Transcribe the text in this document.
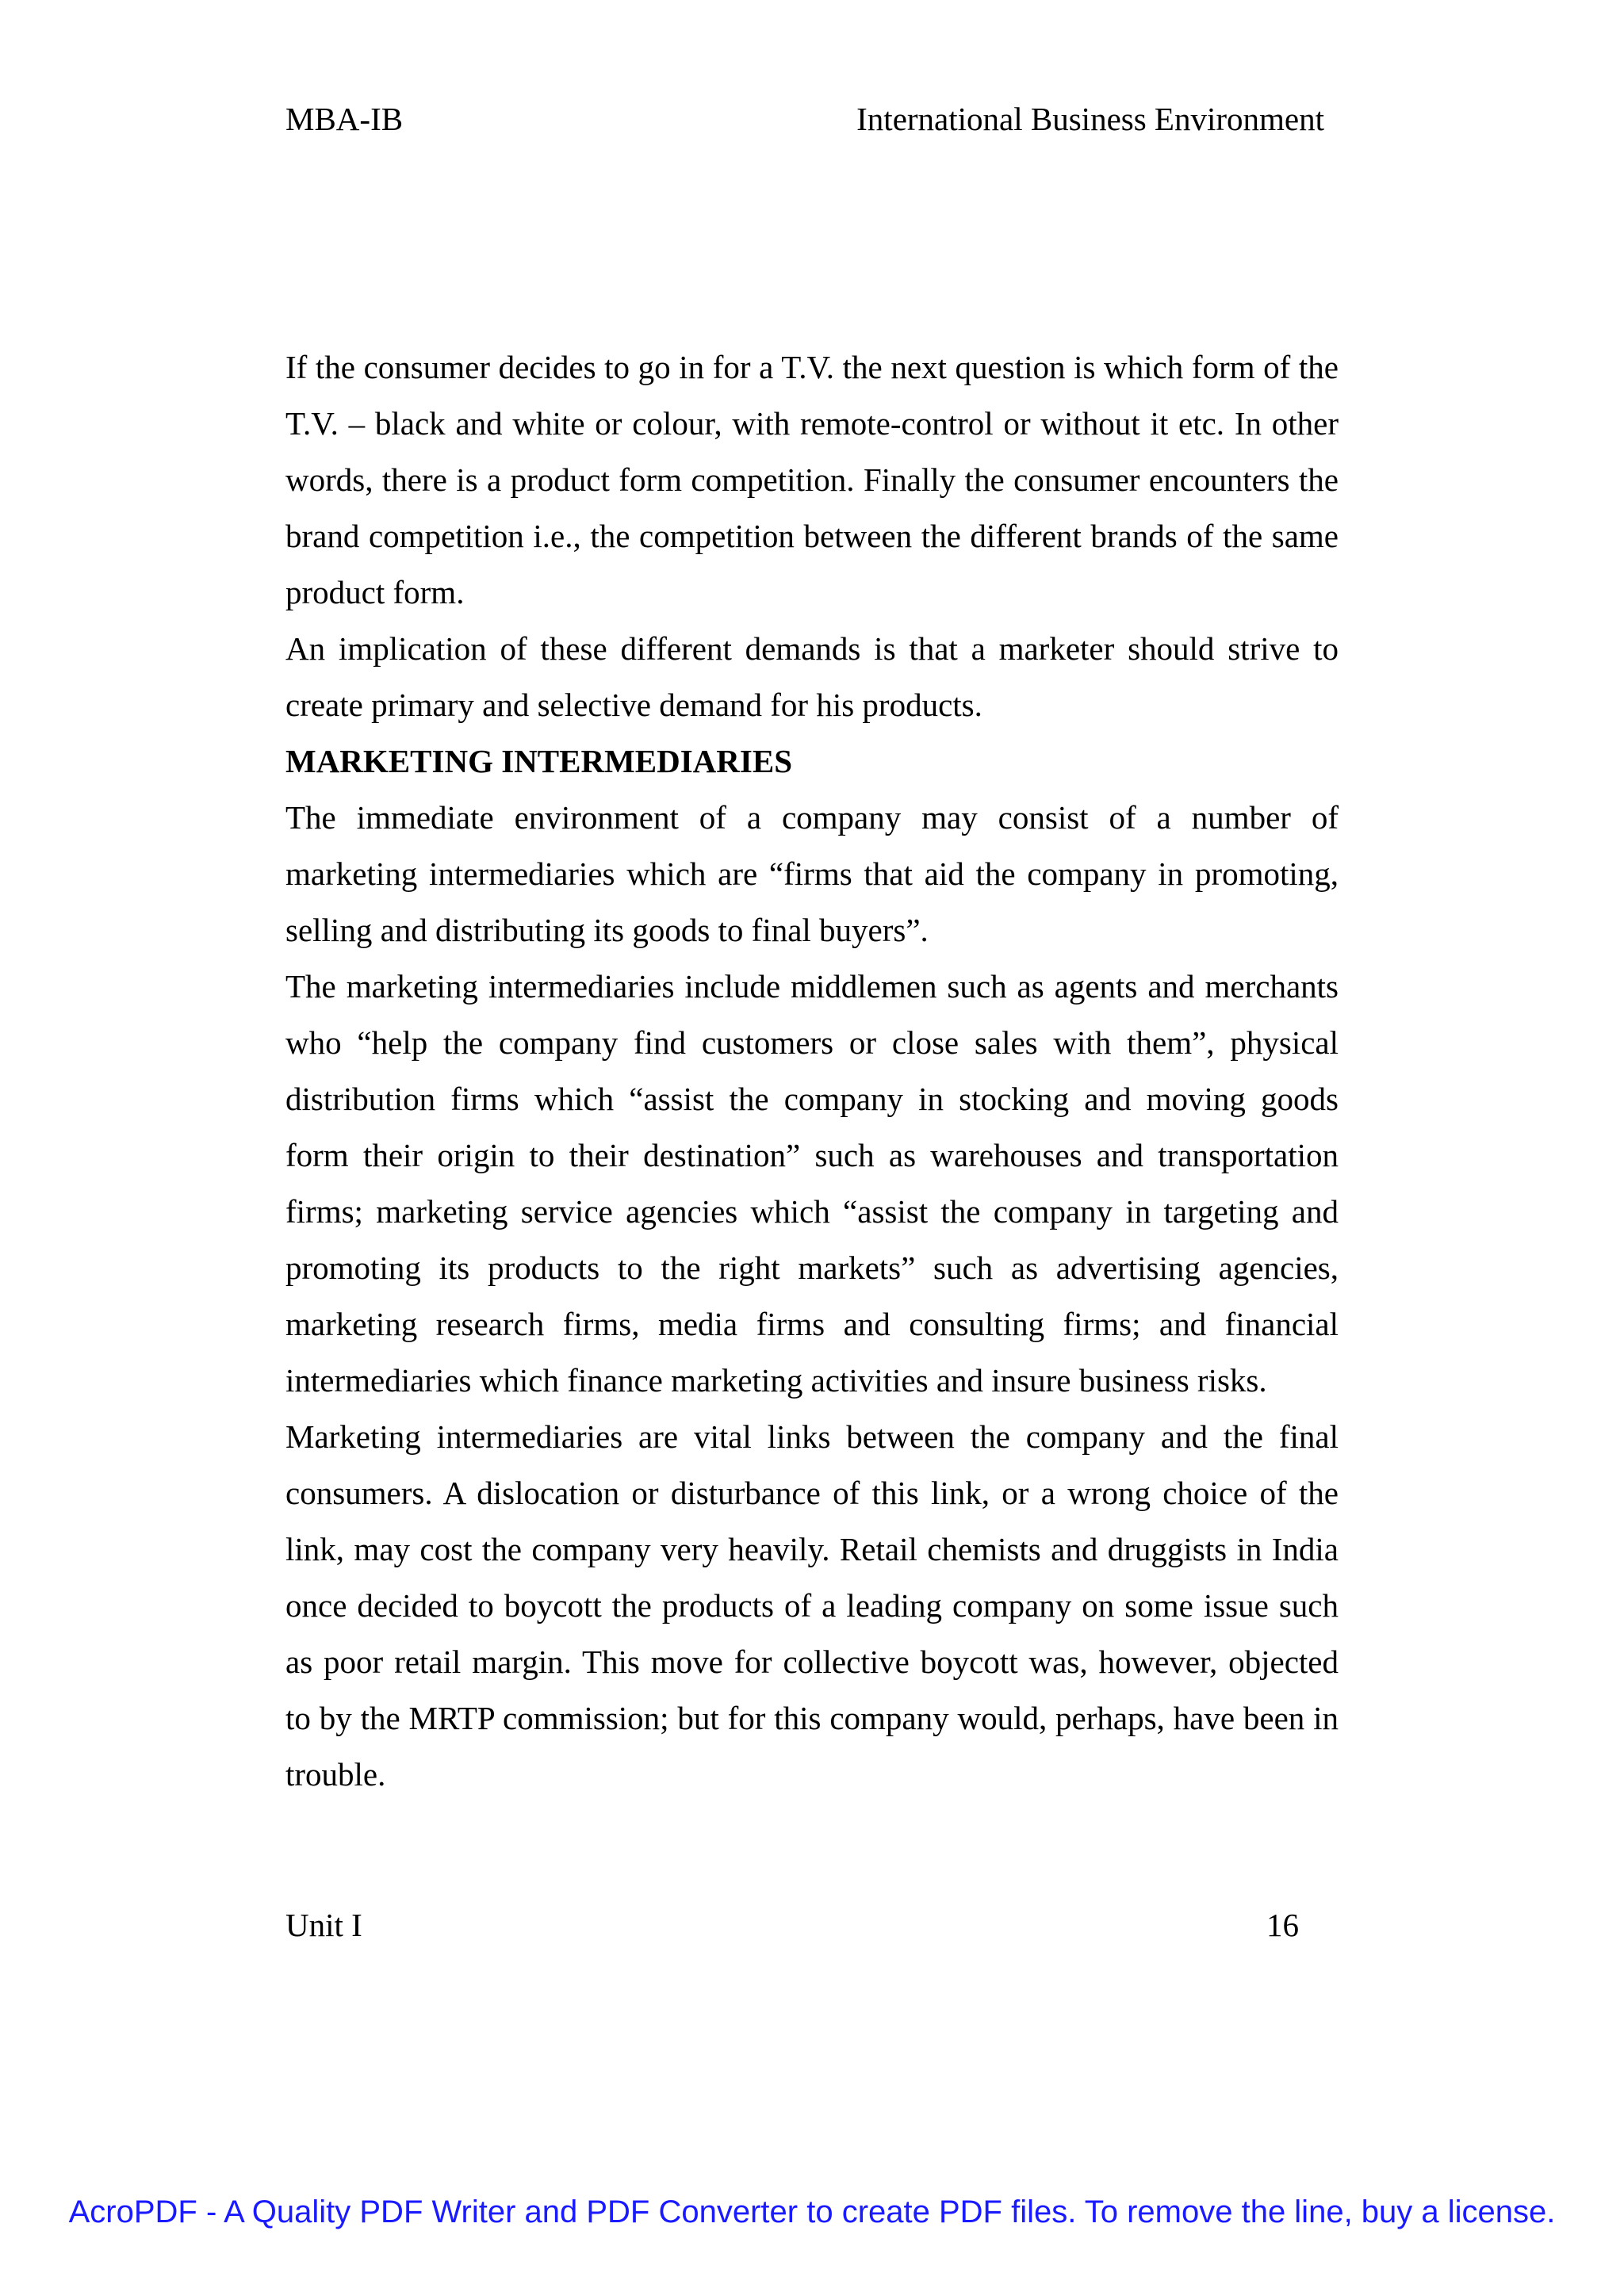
MBA-IB	International Business Environment

If the consumer decides to go in for a T.V. the next question is which form of the T.V. – black and white or colour, with remote-control or without it etc. In other words, there is a product form competition. Finally the consumer encounters the brand competition i.e., the competition between the different brands of the same product form.

An implication of these different demands is that a marketer should strive to create primary and selective demand for his products.

MARKETING INTERMEDIARIES

The immediate environment of a company may consist of a number of marketing intermediaries which are “firms that aid the company in promoting, selling and distributing its goods to final buyers”.

The marketing intermediaries include middlemen such as agents and merchants who “help the company find customers or close sales with them”, physical distribution firms which “assist the company in stocking and moving goods form their origin to their destination” such as warehouses and transportation firms; marketing service agencies which “assist the company in targeting and promoting its products to the right markets” such as advertising agencies, marketing research firms, media firms and consulting firms; and financial intermediaries which finance marketing activities and insure business risks.

Marketing intermediaries are vital links between the company and the final consumers. A dislocation or disturbance of this link, or a wrong choice of the link, may cost the company very heavily. Retail chemists and druggists in India once decided to boycott the products of a leading company on some issue such as poor retail margin. This move for collective boycott was, however, objected to by the MRTP commission; but for this company would, perhaps, have been in trouble.

Unit I	16
AcroPDF - A Quality PDF Writer and PDF Converter to create PDF files. To remove the line, buy a license.
